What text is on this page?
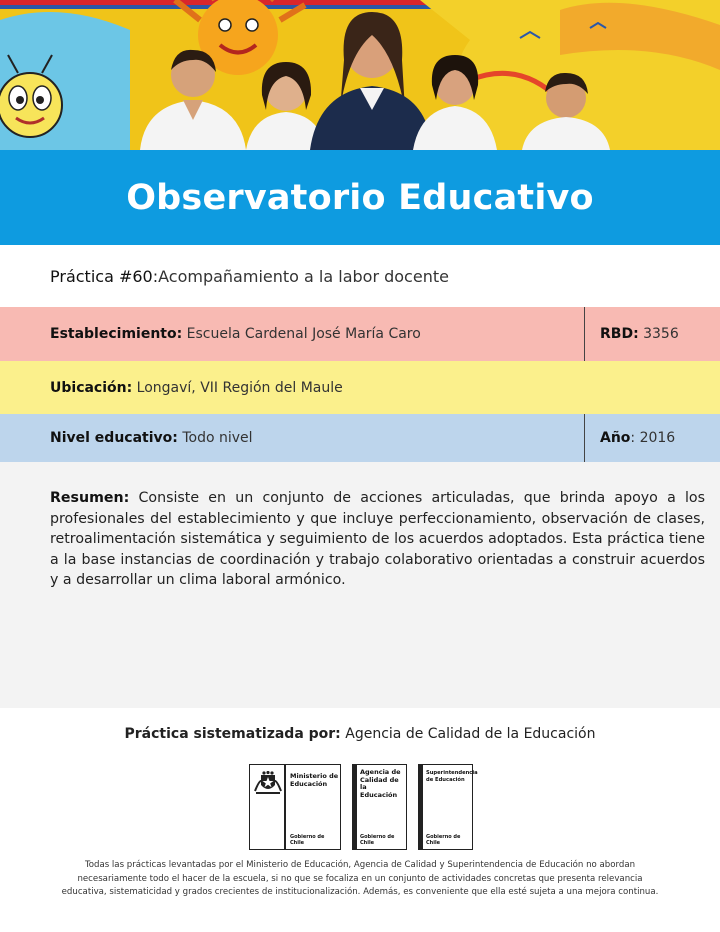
Observatorio Educativo
Práctica #60 : Acompañamiento a la labor docente
Establecimiento: Escuela Cardenal José María Caro	RBD: 3356
Ubicación: Longaví, VII Región del Maule
Nivel educativo: Todo nivel	Año : 2016

Resumen: Consiste en un conjunto de acciones articuladas, que brinda apoyo a los profesionales del establecimiento y que incluye perfeccionamiento, observación de clases, retroalimentación sistemática y seguimiento de los acuerdos adoptados. Esta práctica tiene a la base instancias de coordinación y trabajo colaborativo orientadas a construir acuerdos y a desarrollar un clima laboral armónico.

Práctica sistematizada por: Agencia de Calidad de la Educación
Ministerio de
Educación
Gobierno de Chile
Agencia de
Calidad de la
Educación
Gobierno de Chile
Superintendencia
de Educación
Gobierno de Chile
Todas las prácticas levantadas por el Ministerio de Educación, Agencia de Calidad y Superintendencia de Educación no abordan
necesariamente todo el hacer de la escuela, si no que se focaliza en un conjunto de actividades concretas que presenta relevancia
educativa, sistematicidad y grados crecientes de institucionalización. Además, es conveniente que ella esté sujeta a una mejora continua.
